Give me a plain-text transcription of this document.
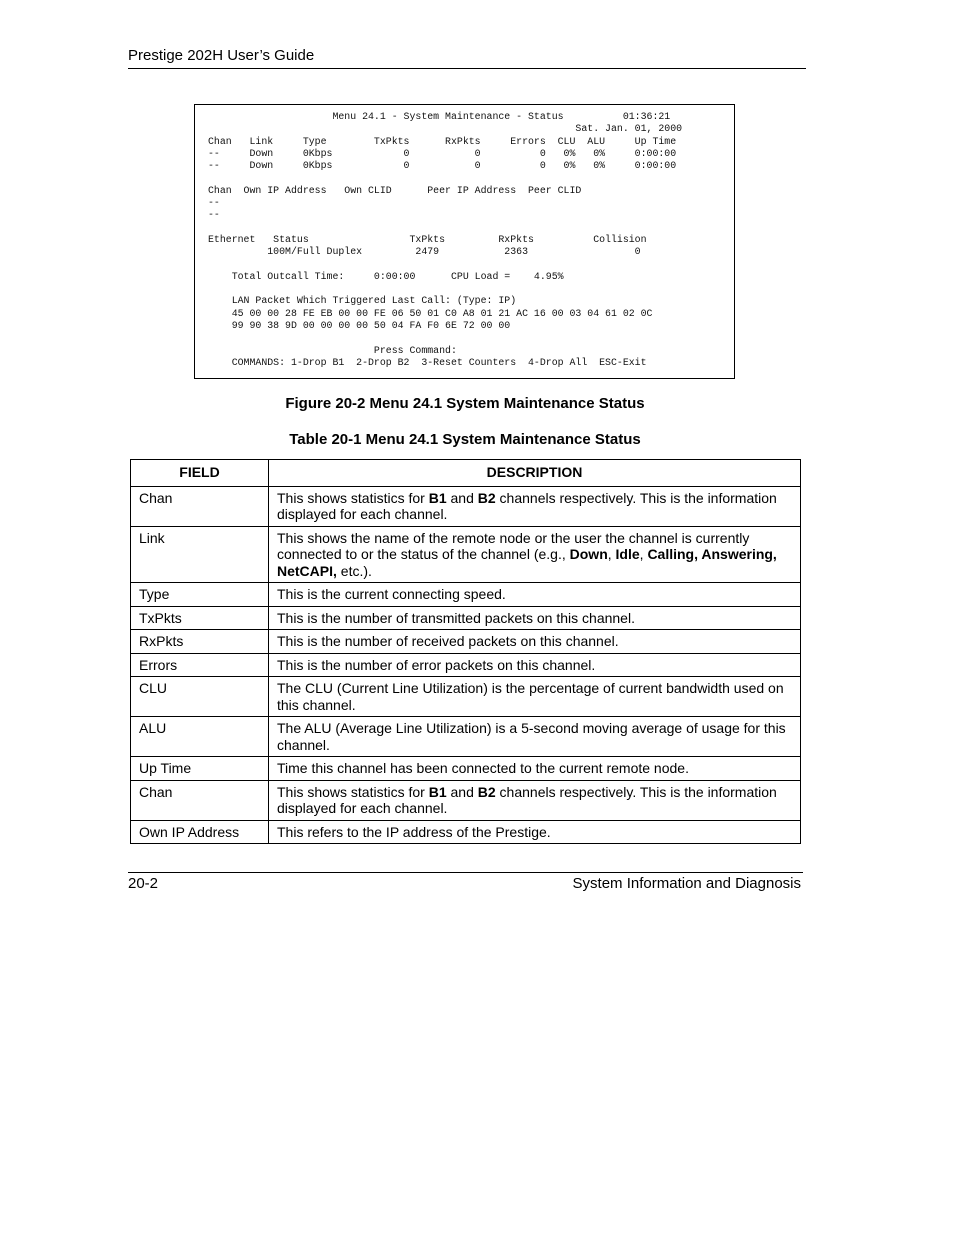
Prestige 202H User’s Guide
Menu 24.1 - System Maintenance - Status          01:36:21
Sat. Jan. 01, 2000
Chan   Link     Type        TxPkts      RxPkts     Errors  CLU  ALU     Up Time
--     Down     0Kbps            0           0          0   0%   0%     0:00:00
--     Down     0Kbps            0           0          0   0%   0%     0:00:00

Chan  Own IP Address   Own CLID      Peer IP Address  Peer CLID
--
--

Ethernet   Status                 TxPkts         RxPkts          Collision
100M/Full Duplex         2479           2363                  0

Total Outcall Time:     0:00:00      CPU Load =    4.95%

LAN Packet Which Triggered Last Call: (Type: IP)
45 00 00 28 FE EB 00 00 FE 06 50 01 C0 A8 01 21 AC 16 00 03 04 61 02 0C
99 90 38 9D 00 00 00 00 50 04 FA F0 6E 72 00 00

Press Command:
COMMANDS: 1-Drop B1  2-Drop B2  3-Reset Counters  4-Drop All  ESC-Exit
Figure 20-2 Menu 24.1 System Maintenance Status
Table 20-1 Menu 24.1 System Maintenance Status
FIELD	DESCRIPTION
Chan	This shows statistics for B1 and B2 channels respectively. This is the information displayed for each channel.
Link	This shows the name of the remote node or the user the channel is currently connected to or the status of the channel (e.g., Down, Idle, Calling, Answering, NetCAPI, etc.).
Type	This is the current connecting speed.
TxPkts	This is the number of transmitted packets on this channel.
RxPkts	This is the number of received packets on this channel.
Errors	This is the number of error packets on this channel.
CLU	The CLU (Current Line Utilization) is the percentage of current bandwidth used on this channel.
ALU	The ALU (Average Line Utilization) is a 5-second moving average of usage for this channel.
Up Time	Time this channel has been connected to the current remote node.
Chan	This shows statistics for B1 and B2 channels respectively. This is the information displayed for each channel.
Own IP Address	This refers to the IP address of the Prestige.
20-2	System Information and Diagnosis
